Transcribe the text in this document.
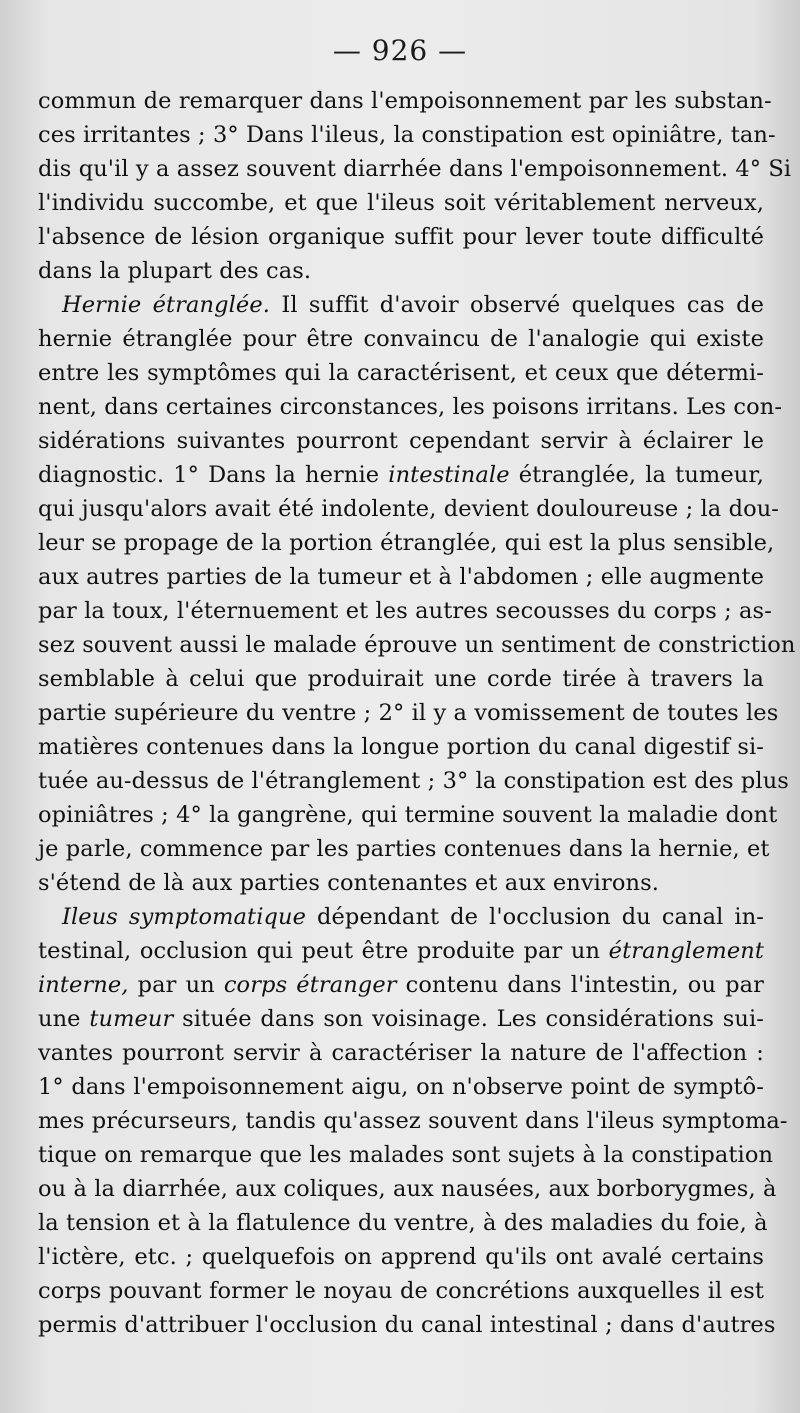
— 926 —
commun de remarquer dans l'empoisonnement par les substan-
ces irritantes ; 3° Dans l'ileus, la constipation est opiniâtre, tan-
dis qu'il y a assez souvent diarrhée dans l'empoisonnement. 4° Si
l'individu succombe, et que l'ileus soit véritablement nerveux,
l'absence de lésion organique suffit pour lever toute difficulté
dans la plupart des cas.
Hernie étranglée. Il suffit d'avoir observé quelques cas de
hernie étranglée pour être convaincu de l'analogie qui existe
entre les symptômes qui la caractérisent, et ceux que détermi-
nent, dans certaines circonstances, les poisons irritans. Les con-
sidérations suivantes pourront cependant servir à éclairer le
diagnostic. 1° Dans la hernie intestinale étranglée, la tumeur,
qui jusqu'alors avait été indolente, devient douloureuse ; la dou-
leur se propage de la portion étranglée, qui est la plus sensible,
aux autres parties de la tumeur et à l'abdomen ; elle augmente
par la toux, l'éternuement et les autres secousses du corps ; as-
sez souvent aussi le malade éprouve un sentiment de constriction
semblable à celui que produirait une corde tirée à travers la
partie supérieure du ventre ; 2° il y a vomissement de toutes les
matières contenues dans la longue portion du canal digestif si-
tuée au-dessus de l'étranglement ; 3° la constipation est des plus
opiniâtres ; 4° la gangrène, qui termine souvent la maladie dont
je parle, commence par les parties contenues dans la hernie, et
s'étend de là aux parties contenantes et aux environs.
Ileus symptomatique dépendant de l'occlusion du canal in-
testinal, occlusion qui peut être produite par un étranglement
interne, par un corps étranger contenu dans l'intestin, ou par
une tumeur située dans son voisinage. Les considérations sui-
vantes pourront servir à caractériser la nature de l'affection :
1° dans l'empoisonnement aigu, on n'observe point de symptô-
mes précurseurs, tandis qu'assez souvent dans l'ileus symptoma-
tique on remarque que les malades sont sujets à la constipation
ou à la diarrhée, aux coliques, aux nausées, aux borborygmes, à
la tension et à la flatulence du ventre, à des maladies du foie, à
l'ictère, etc. ; quelquefois on apprend qu'ils ont avalé certains
corps pouvant former le noyau de concrétions auxquelles il est
permis d'attribuer l'occlusion du canal intestinal ; dans d'autres
